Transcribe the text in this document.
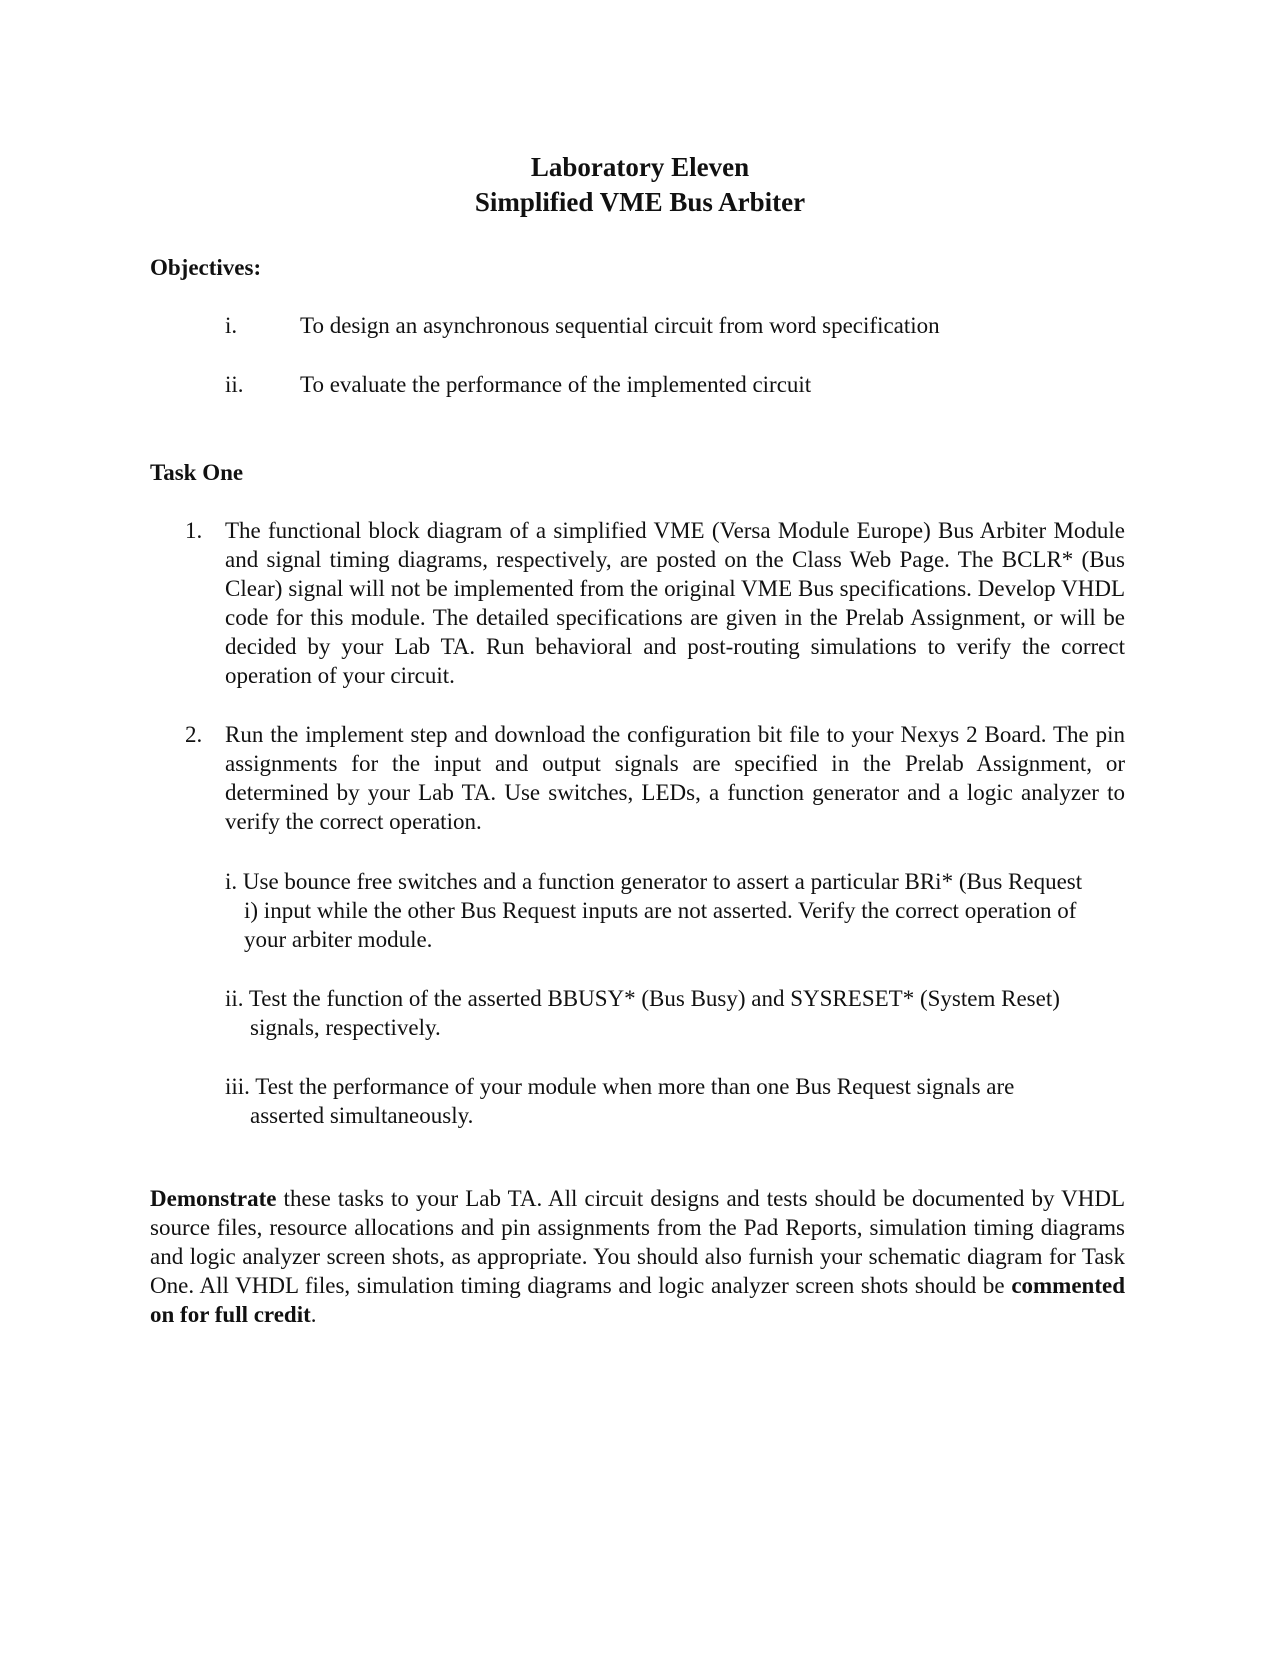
Laboratory Eleven
Simplified VME Bus Arbiter
Objectives:
i.	To design an asynchronous sequential circuit from word specification
ii. To evaluate the performance of the implemented circuit
Task One
1. The functional block diagram of a simplified VME (Versa Module Europe) Bus Arbiter Module and signal timing diagrams, respectively, are posted on the Class Web Page. The BCLR* (Bus Clear) signal will not be implemented from the original VME Bus specifications. Develop VHDL code for this module. The detailed specifications are given in the Prelab Assignment, or will be decided by your Lab TA. Run behavioral and post-routing simulations to verify the correct operation of your circuit.
2. Run the implement step and download the configuration bit file to your Nexys 2 Board. The pin assignments for the input and output signals are specified in the Prelab Assignment, or determined by your Lab TA. Use switches, LEDs, a function generator and a logic analyzer to verify the correct operation.
i. Use bounce free switches and a function generator to assert a particular BRi* (Bus Request
i) input while the other Bus Request inputs are not asserted. Verify the correct operation of
your arbiter module.
ii. Test the function of the asserted BBUSY* (Bus Busy) and SYSRESET* (System Reset)
signals, respectively.
iii. Test the performance of your module when more than one Bus Request signals are
asserted simultaneously.
Demonstrate these tasks to your Lab TA. All circuit designs and tests should be documented by VHDL source files, resource allocations and pin assignments from the Pad Reports, simulation timing diagrams and logic analyzer screen shots, as appropriate. You should also furnish your schematic diagram for Task One. All VHDL files, simulation timing diagrams and logic analyzer screen shots should be commented on for full credit.
